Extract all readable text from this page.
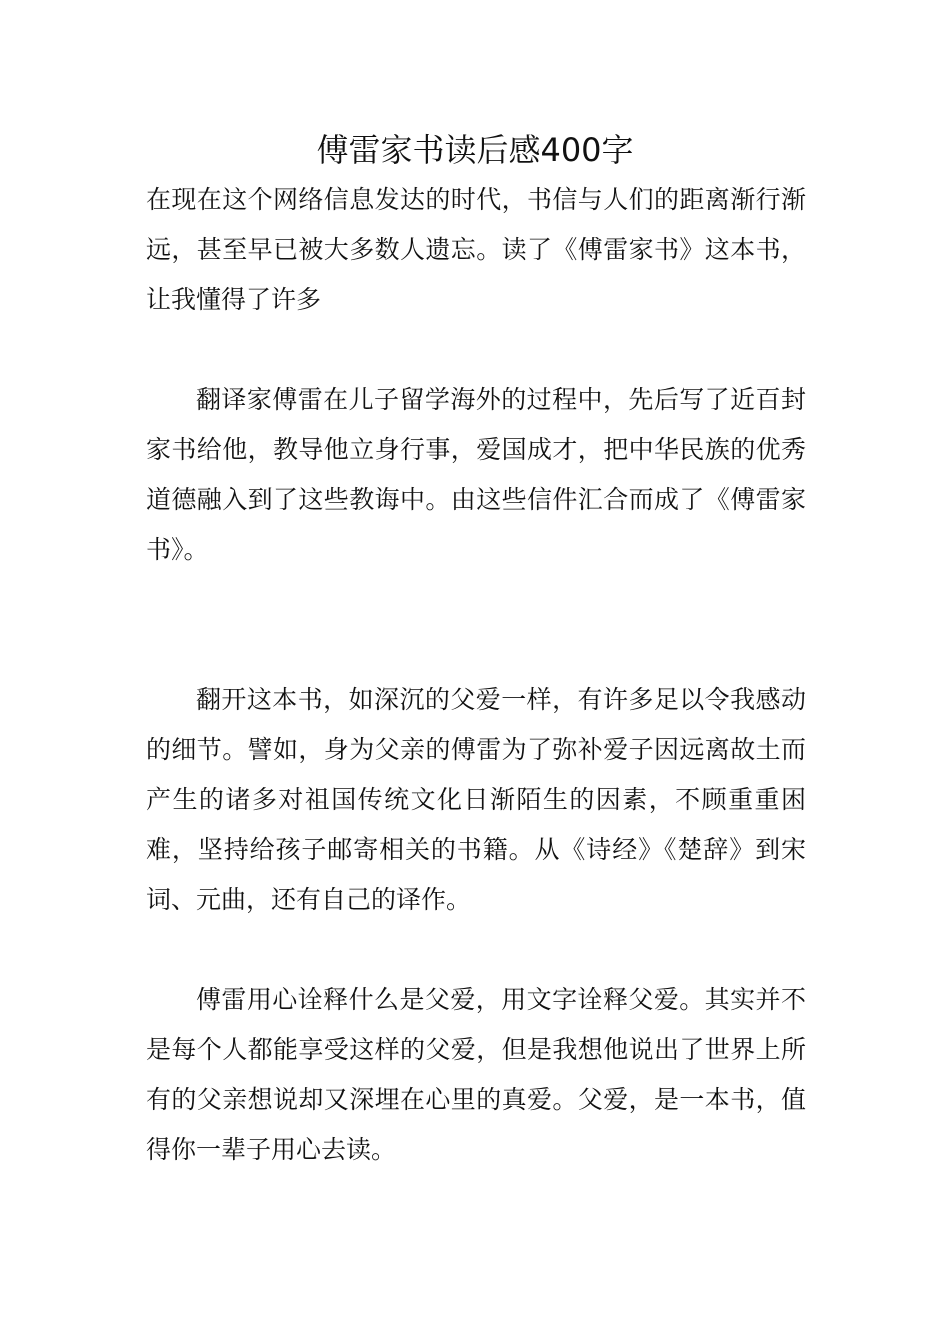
傅雷家书读后感400字

在现在这个网络信息发达的时代，书信与人们的距离渐行渐远，甚至早已被大多数人遗忘。读了《傅雷家书》这本书，让我懂得了许多

翻译家傅雷在儿子留学海外的过程中，先后写了近百封家书给他，教导他立身行事，爱国成才，把中华民族的优秀道德融入到了这些教诲中。由这些信件汇合而成了《傅雷家书》。

翻开这本书，如深沉的父爱一样，有许多足以令我感动的细节。譬如，身为父亲的傅雷为了弥补爱子因远离故土而产生的诸多对祖国传统文化日渐陌生的因素，不顾重重困难，坚持给孩子邮寄相关的书籍。从《诗经》《楚辞》到宋词、元曲，还有自己的译作。

傅雷用心诠释什么是父爱，用文字诠释父爱。其实并不是每个人都能享受这样的父爱，但是我想他说出了世界上所有的父亲想说却又深埋在心里的真爱。父爱，是一本书，值得你一辈子用心去读。
